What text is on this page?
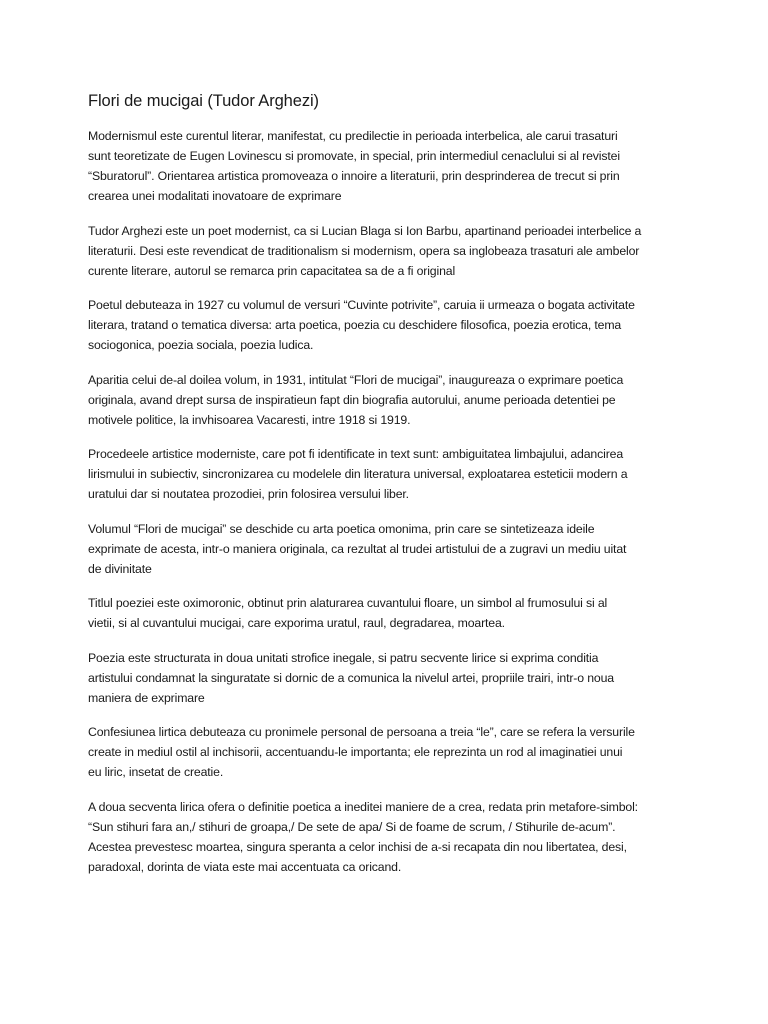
Flori de mucigai (Tudor Arghezi)

Modernismul este curentul literar, manifestat, cu predilectie in perioada interbelica, ale carui trasaturi
sunt teoretizate de Eugen Lovinescu si promovate, in special, prin intermediul cenaclului si al revistei
“Sburatorul”. Orientarea artistica promoveaza o innoire a literaturii, prin desprinderea de trecut si prin
crearea unei modalitati inovatoare de exprimare

Tudor Arghezi este un poet modernist, ca si Lucian Blaga si Ion Barbu, apartinand perioadei interbelice a
literaturii. Desi este revendicat de traditionalism si modernism, opera sa inglobeaza trasaturi ale ambelor
curente literare, autorul se remarca prin capacitatea sa de a fi original

Poetul debuteaza in 1927 cu volumul de versuri “Cuvinte potrivite”, caruia ii urmeaza o bogata activitate
literara, tratand o tematica diversa: arta poetica, poezia cu deschidere filosofica, poezia erotica, tema
sociogonica, poezia sociala, poezia ludica.

Aparitia celui de-al doilea volum, in 1931, intitulat “Flori de mucigai”, inaugureaza o exprimare poetica
originala, avand drept sursa de inspiratieun fapt din biografia autorului, anume perioada detentiei pe
motivele politice, la invhisoarea Vacaresti, intre 1918 si 1919.

Procedeele artistice moderniste, care pot fi identificate in text sunt: ambiguitatea limbajului, adancirea
lirismului in subiectiv, sincronizarea cu modelele din literatura universal, exploatarea esteticii modern a
uratului dar si noutatea prozodiei, prin folosirea versului liber.

Volumul “Flori de mucigai” se deschide cu arta poetica omonima, prin care se sintetizeaza ideile
exprimate de acesta, intr-o maniera originala, ca rezultat al trudei artistului de a zugravi un mediu uitat
de divinitate

Titlul poeziei este oximoronic, obtinut prin alaturarea cuvantului floare, un simbol al frumosului si al
vietii, si al cuvantului mucigai, care exporima uratul, raul, degradarea, moartea.

Poezia este structurata in doua unitati strofice inegale, si patru secvente lirice si exprima conditia
artistului condamnat la singuratate si dornic de a comunica la nivelul artei, propriile trairi, intr-o noua
maniera de exprimare

Confesiunea lirtica debuteaza cu pronimele personal de persoana a treia “le”, care se refera la versurile
create in mediul ostil al inchisorii, accentuandu-le importanta; ele reprezinta un rod al imaginatiei unui
eu liric, insetat de creatie.

A doua secventa lirica ofera o definitie poetica a ineditei maniere de a crea, redata prin metafore-simbol:
“Sun stihuri fara an,/ stihuri de groapa,/ De sete de apa/ Si de foame de scrum, / Stihurile de-acum”.
Acestea prevestesc moartea, singura speranta a celor inchisi de a-si recapata din nou libertatea, desi,
paradoxal, dorinta de viata este mai accentuata ca oricand.
